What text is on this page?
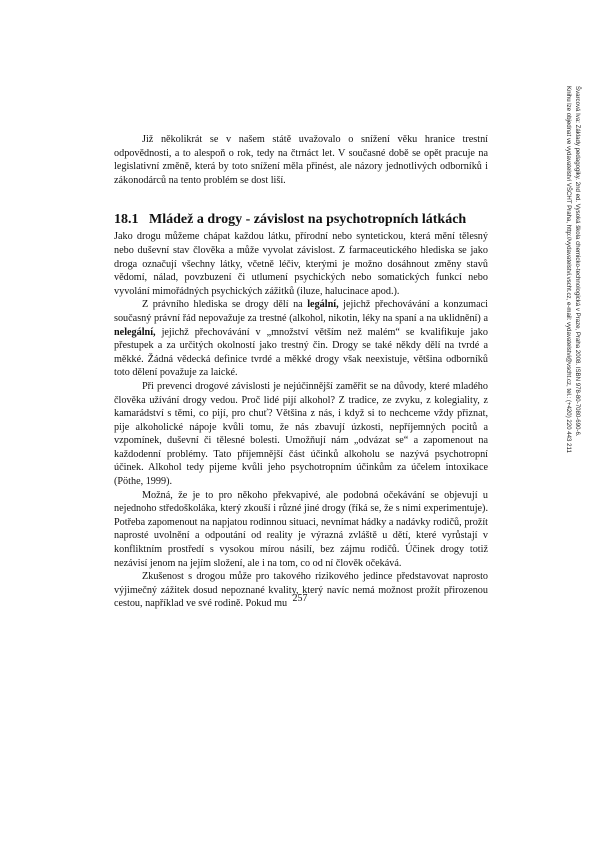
Již několikrát se v našem státě uvažovalo o snížení věku hranice trestní odpovědnosti, a to alespoň o rok, tedy na čtrnáct let. V současné době se opět pracuje na legislativní změně, která by toto snížení měla přinést, ale názory jednotlivých odborníků i zákonodárců na tento problém se dost liší.

18.1 Mládež a drogy - závislost na psychotropních látkách

Jako drogu můžeme chápat každou látku, přírodní nebo syntetickou, která mění tělesný nebo duševní stav člověka a může vyvolat závislost. Z farmaceutického hlediska se jako droga označují všechny látky, včetně léčiv, kterými je možno dosáhnout změny stavů vědomí, nálad, povzbuzení či utlumení psychických nebo somatických funkcí nebo vyvolání mimořádných psychických zážitků (iluze, halucinace apod.).

Z právního hlediska se drogy dělí na legální, jejichž přechovávání a konzumaci současný právní řád nepovažuje za trestné (alkohol, nikotin, léky na spaní a na uklidnění) a nelegální, jejichž přechovávání v „množství větším než malém“ se kvalifikuje jako přestupek a za určitých okolností jako trestný čin. Drogy se také někdy dělí na tvrdé a měkké. Žádná vědecká definice tvrdé a měkké drogy však neexistuje, většina odborníků toto dělení považuje za laické.

Při prevenci drogové závislosti je nejúčinnější zaměřit se na důvody, které mladého člověka užívání drogy vedou. Proč lidé pijí alkohol? Z tradice, ze zvyku, z kolegiality, z kamarádství s těmi, co pijí, pro chuť? Většina z nás, i když si to nechceme vždy přiznat, pije alkoholické nápoje kvůli tomu, že nás zbavují úzkosti, nepříjemných pocitů a vzpomínek, duševní či tělesné bolesti. Umožňují nám „odvázat se“ a zapomenout na každodenní problémy. Tato příjemnější část účinků alkoholu se nazývá psychotropní účinek. Alkohol tedy pijeme kvůli jeho psychotropním účinkům za účelem intoxikace (Pöthe, 1999).

Možná, že je to pro někoho překvapivé, ale podobná očekávání se objevují u nejednoho středoškoláka, který zkouší i různé jiné drogy (říká se, že s nimi experimentuje). Potřeba zapomenout na napjatou rodinnou situaci, nevnímat hádky a nadávky rodičů, prožít naprosté uvolnění a odpoutání od reality je výrazná zvláště u dětí, které vyrůstají v konfliktním prostředí s vysokou mírou násilí, bez zájmu rodičů. Účinek drogy totiž nezávisí jenom na jejím složení, ale i na tom, co od ní člověk očekává.

Zkušenost s drogou může pro takového rizikového jedince představovat naprosto výjimečný zážitek dosud nepoznané kvality, který navíc nemá možnost prožít přirozenou cestou, například ve své rodině. Pokud mu 257
Švarcová Iva: Základy pedagogiky. 2nd ed. Vysoká škola chemicko-technologická v Praze, Praha 2008. ISBN 978-80-7080-690-6.
Knihu lze objednat ve vydavatelství VŠCHT Praha, http://vydavatelstvi.vscht.cz, e-mail: vydavatelstvi@vscht.cz, tel.: (+420) 220 443 211
